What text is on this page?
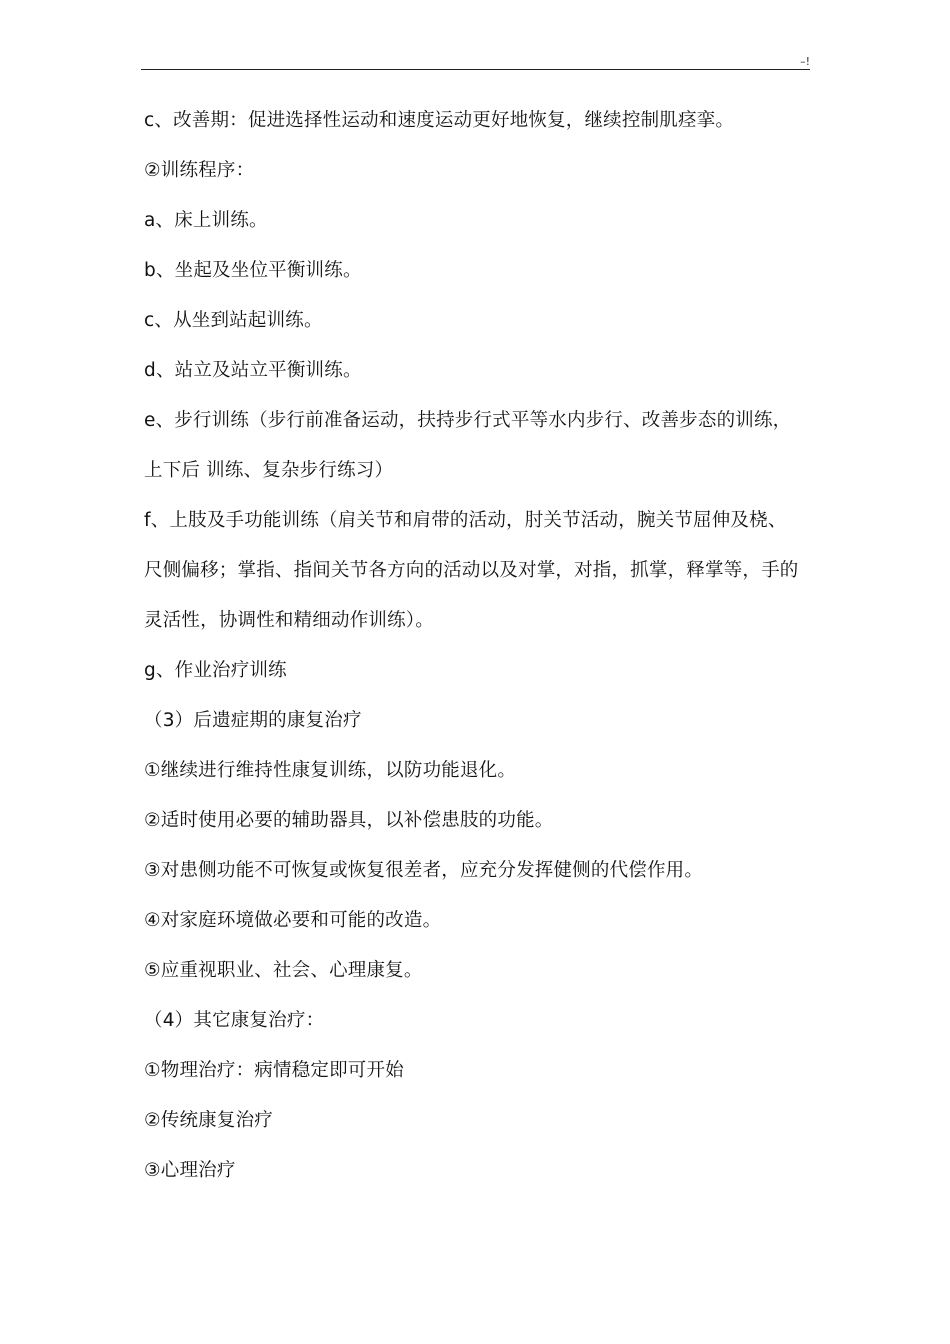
–!
c、改善期：促进选择性运动和速度运动更好地恢复，继续控制肌痉挛。
②训练程序：
a、床上训练。
b、坐起及坐位平衡训练。
c、从坐到站起训练。
d、站立及站立平衡训练。
e、步行训练（步行前准备运动，扶持步行式平等水内步行、改善步态的训练，
上下后 训练、复杂步行练习）
f、上肢及手功能训练（肩关节和肩带的活动，肘关节活动，腕关节屈伸及桡、
尺侧偏移；掌指、指间关节各方向的活动以及对掌，对指，抓掌，释掌等，手的
灵活性，协调性和精细动作训练）。
g、作业治疗训练
（3）后遗症期的康复治疗
①继续进行维持性康复训练，以防功能退化。
②适时使用必要的辅助器具，以补偿患肢的功能。
③对患侧功能不可恢复或恢复很差者，应充分发挥健侧的代偿作用。
④对家庭环境做必要和可能的改造。
⑤应重视职业、社会、心理康复。
（4）其它康复治疗：
①物理治疗：病情稳定即可开始
②传统康复治疗
③心理治疗
